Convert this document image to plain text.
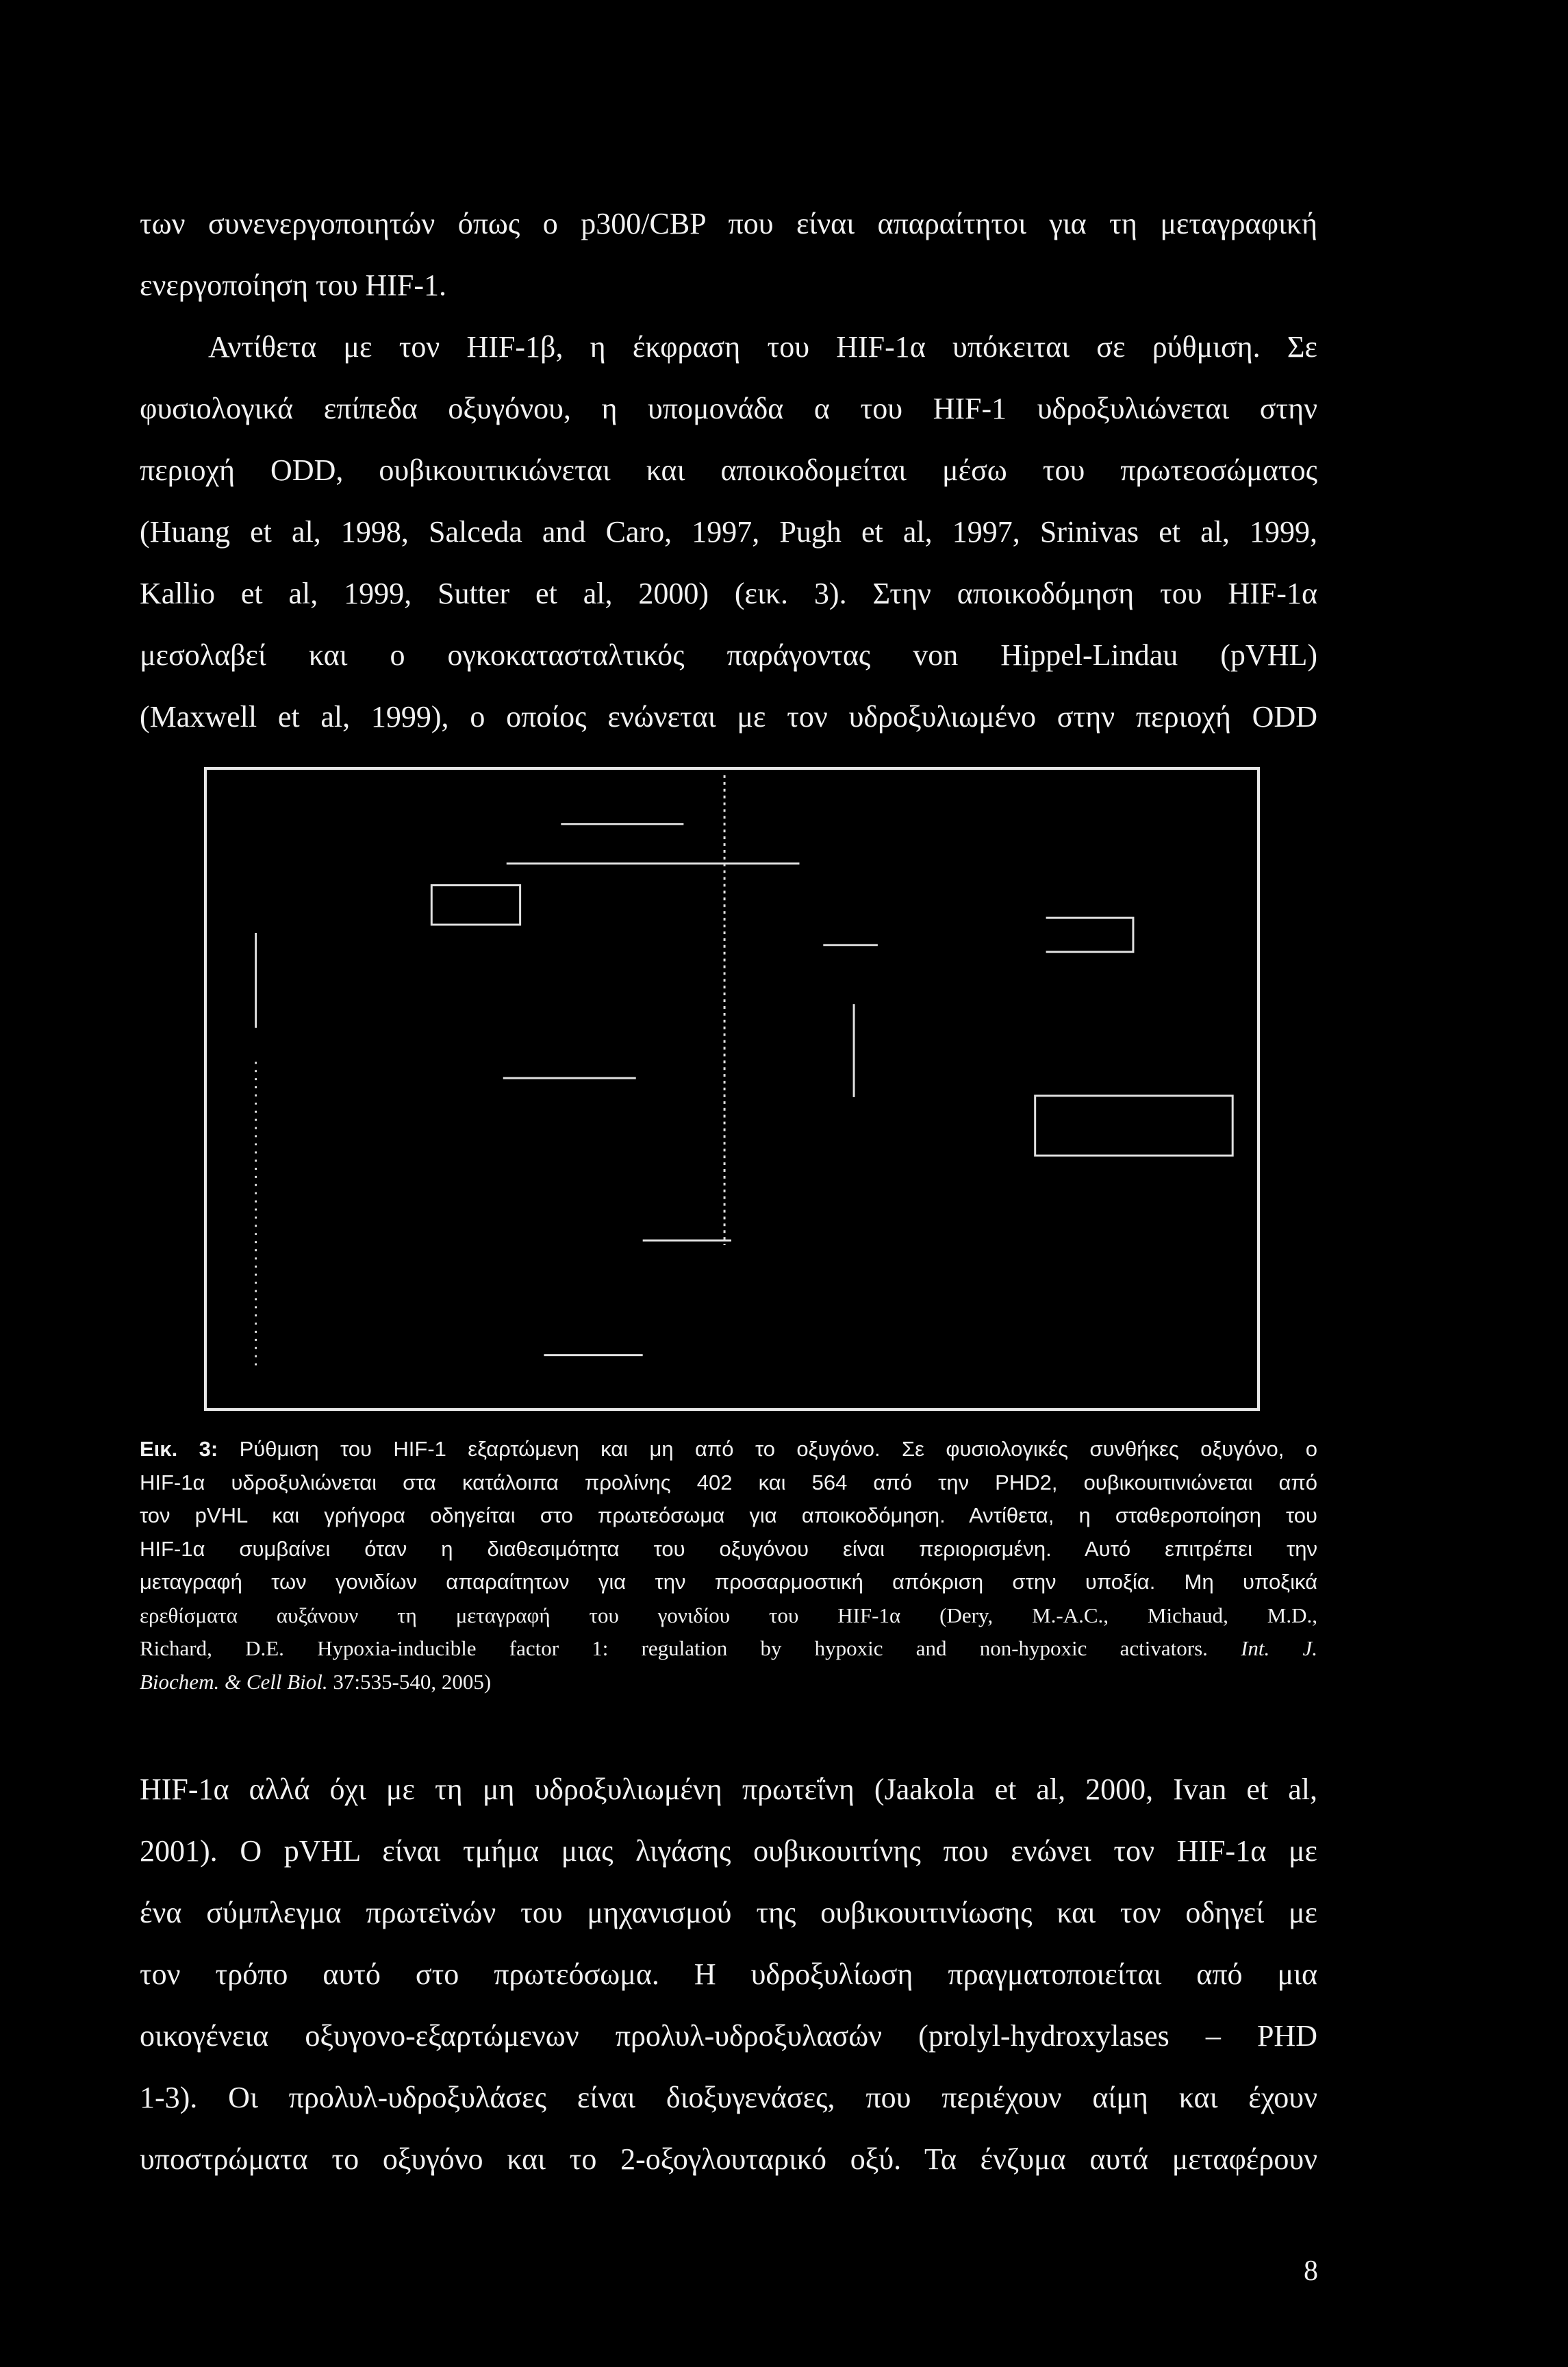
των συνενεργοποιητών όπως ο p300/CBP που είναι απαραίτητοι για τη μεταγραφική
ενεργοποίηση του HIF-1.
Αντίθετα με τον HIF-1β, η έκφραση του HIF-1α υπόκειται σε ρύθμιση. Σε
φυσιολογικά επίπεδα οξυγόνου, η υπομονάδα α του HIF-1 υδροξυλιώνεται στην
περιοχή ODD, ουβικουιτικιώνεται και αποικοδομείται μέσω του πρωτεοσώματος
(Huang et al, 1998, Salceda and Caro, 1997, Pugh et al, 1997, Srinivas et al, 1999,
Kallio et al, 1999, Sutter et al, 2000) (εικ. 3). Στην αποικοδόμηση του HIF-1α
μεσολαβεί και ο ογκοκατασταλτικός παράγοντας von Hippel-Lindau (pVHL)
(Maxwell et al, 1999), ο οποίος ενώνεται με τον υδροξυλιωμένο στην περιοχή ODD
Εικ. 3: Ρύθμιση του HIF-1 εξαρτώμενη και μη από το οξυγόνο. Σε φυσιολογικές συνθήκες οξυγόνο, ο
HIF-1α υδροξυλιώνεται στα κατάλοιπα προλίνης 402 και 564 από την PHD2, ουβικουιτινιώνεται από
τον pVHL και γρήγορα οδηγείται στο πρωτεόσωμα για αποικοδόμηση. Αντίθετα, η σταθεροποίηση του
HIF-1α συμβαίνει όταν η διαθεσιμότητα του οξυγόνου είναι περιορισμένη. Αυτό επιτρέπει την
μεταγραφή των γονιδίων απαραίτητων για την προσαρμοστική απόκριση στην υποξία. Μη υποξικά
ερεθίσματα αυξάνουν τη μεταγραφή του γονιδίου του HIF-1α (Dery, M.-A.C., Michaud, M.D.,
Richard, D.E. Hypoxia-inducible factor 1: regulation by hypoxic and non-hypoxic activators. Int. J.
Biochem. & Cell Biol. 37:535-540, 2005)
HIF-1α αλλά όχι με τη μη υδροξυλιωμένη πρωτεΐνη (Jaakola et al, 2000, Ivan et al,
2001). Ο pVHL είναι τμήμα μιας λιγάσης ουβικουιτίνης που ενώνει τον HIF-1α με
ένα σύμπλεγμα πρωτεϊνών του μηχανισμού της ουβικουιτινίωσης και τον οδηγεί με
τον τρόπο αυτό στο πρωτεόσωμα. Η υδροξυλίωση πραγματοποιείται από μια
οικογένεια οξυγονο-εξαρτώμενων προλυλ-υδροξυλασών (prolyl-hydroxylases – PHD
1-3). Οι προλυλ-υδροξυλάσες είναι διοξυγενάσες, που περιέχουν αίμη και έχουν
υποστρώματα το οξυγόνο και το 2-οξογλουταρικό οξύ. Τα ένζυμα αυτά μεταφέρουν
8
